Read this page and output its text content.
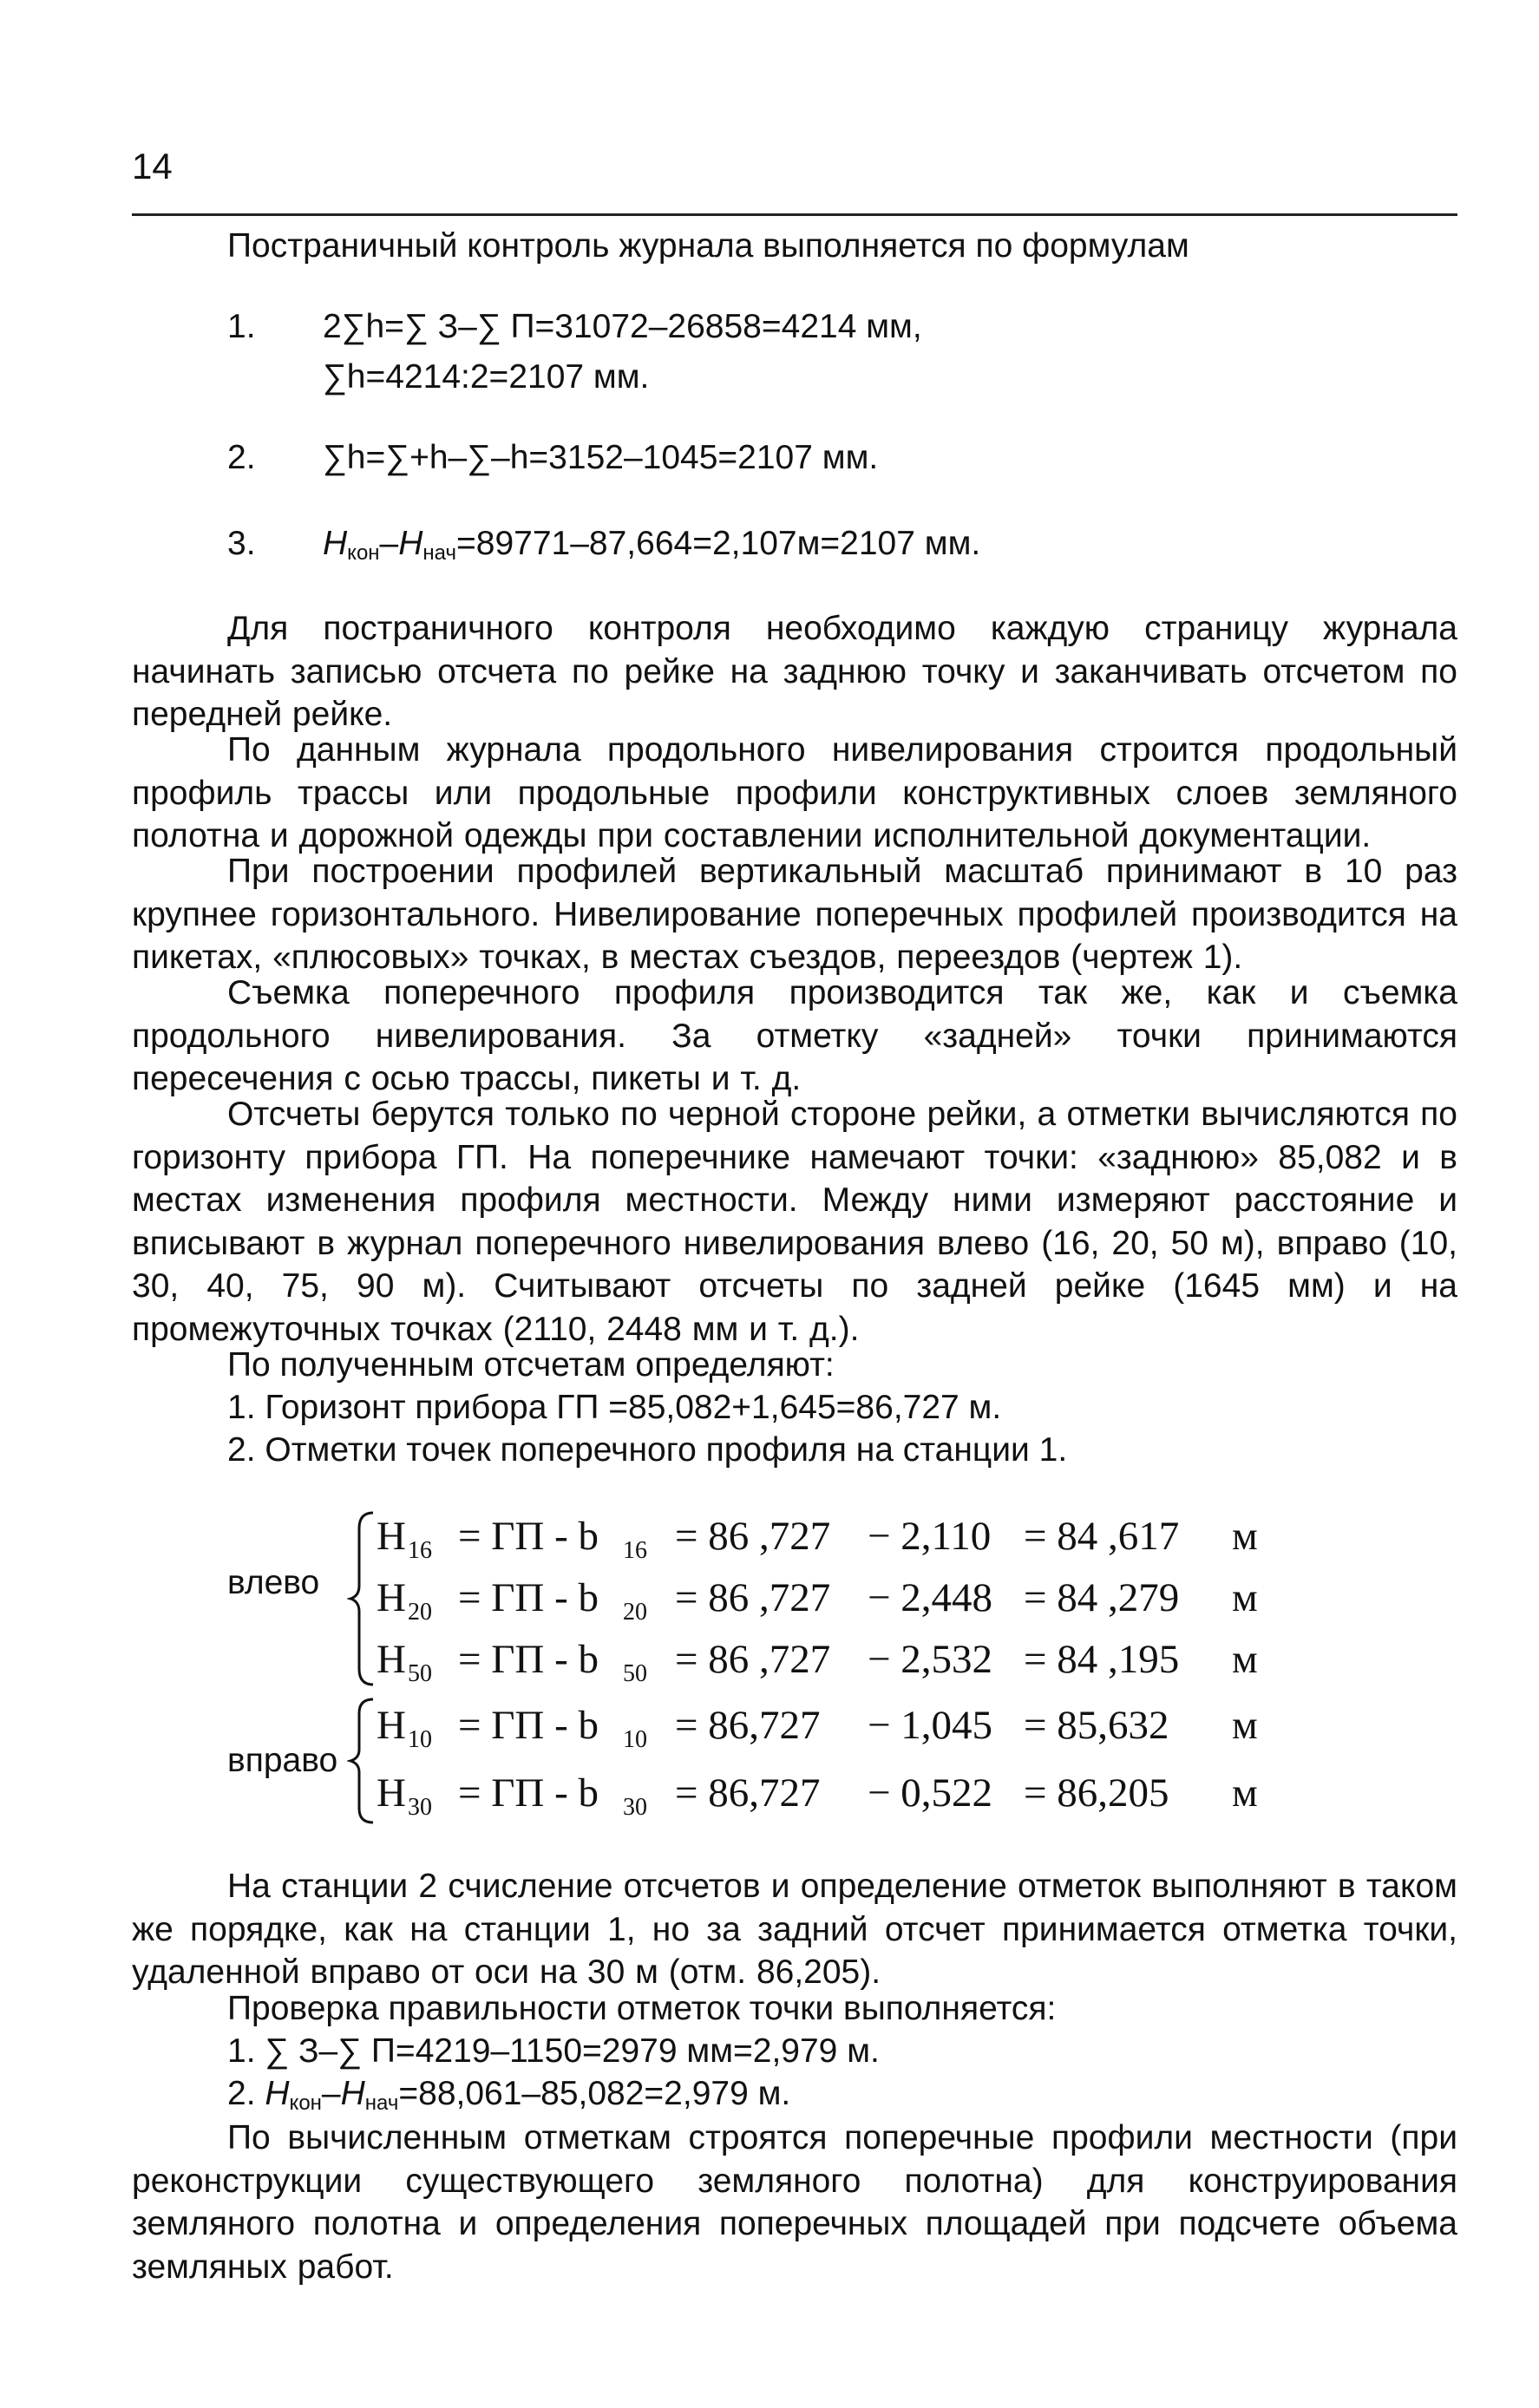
14
Постраничный контроль журнала выполняется по формулам
1. 2∑h=∑ З–∑ П=31072–26858=4214 мм,
∑h=4214:2=2107 мм.
2. ∑h=∑+h–∑–h=3152–1045=2107 мм.
3. $H_{кон}-H_{нач}=89771-87,664=2,107м=2107$ мм.
Для постраничного контроля необходимо каждую страницу журнала начинать записью отсчета по рейке на заднюю точку и заканчивать отсчетом по передней рейке.
По данным журнала продольного нивелирования строится продольный профиль трассы или продольные профили конструктивных слоев земляного полотна и дорожной одежды при составлении исполнительной документации.
При построении профилей вертикальный масштаб принимают в 10 раз крупнее горизонтального. Нивелирование поперечных профилей производится на пикетах, «плюсовых» точках, в местах съездов, переездов (чертеж 1).
Съемка поперечного профиля производится так же, как и съемка продольного нивелирования. За отметку «задней» точки принимаются пересечения с осью трассы, пикеты и т. д.
Отсчеты берутся только по черной стороне рейки, а отметки вычисляются по горизонту прибора ГП. На поперечнике намечают точки: «заднюю» 85,082 и в местах изменения профиля местности. Между ними измеряют расстояние и вписывают в журнал поперечного нивелирования влево (16, 20, 50 м), вправо (10, 30, 40, 75, 90 м). Считывают отсчеты по задней рейке (1645 мм) и на промежуточных точках (2110, 2448 мм и т. д.).
По полученным отсчетам определяют:
1. Горизонт прибора ГП =85,082+1,645=86,727 м.
2. Отметки точек поперечного профиля на станции 1.
влево
вправо
H 16 = ГП - b 16 = 86 ,727 − 2,110 = 84 ,617 м
H 20 = ГП - b 20 = 86 ,727 − 2,448 = 84 ,279 м
H 50 = ГП - b 50 = 86 ,727 − 2,532 = 84 ,195 м
H 10 = ГП - b 10 = 86,727 − 1,045 = 85,632 м
H 30 = ГП - b 30 = 86,727 − 0,522 = 86,205 м
На станции 2 счисление отсчетов и определение отметок выполняют в таком же порядке, как на станции 1, но за задний отсчет принимается отметка точки, удаленной вправо от оси на 30 м (отм. 86,205).
Проверка правильности отметок точки выполняется:
1. ∑ З–∑ П=4219–1150=2979 мм=2,979 м.
2. $H_{кон}-H_{нач}=88,061-85,082=2,979$ м.
По вычисленным отметкам строятся поперечные профили местности (при реконструкции существующего земляного полотна) для конструирования земляного полотна и определения поперечных площадей при подсчете объема земляных работ.
